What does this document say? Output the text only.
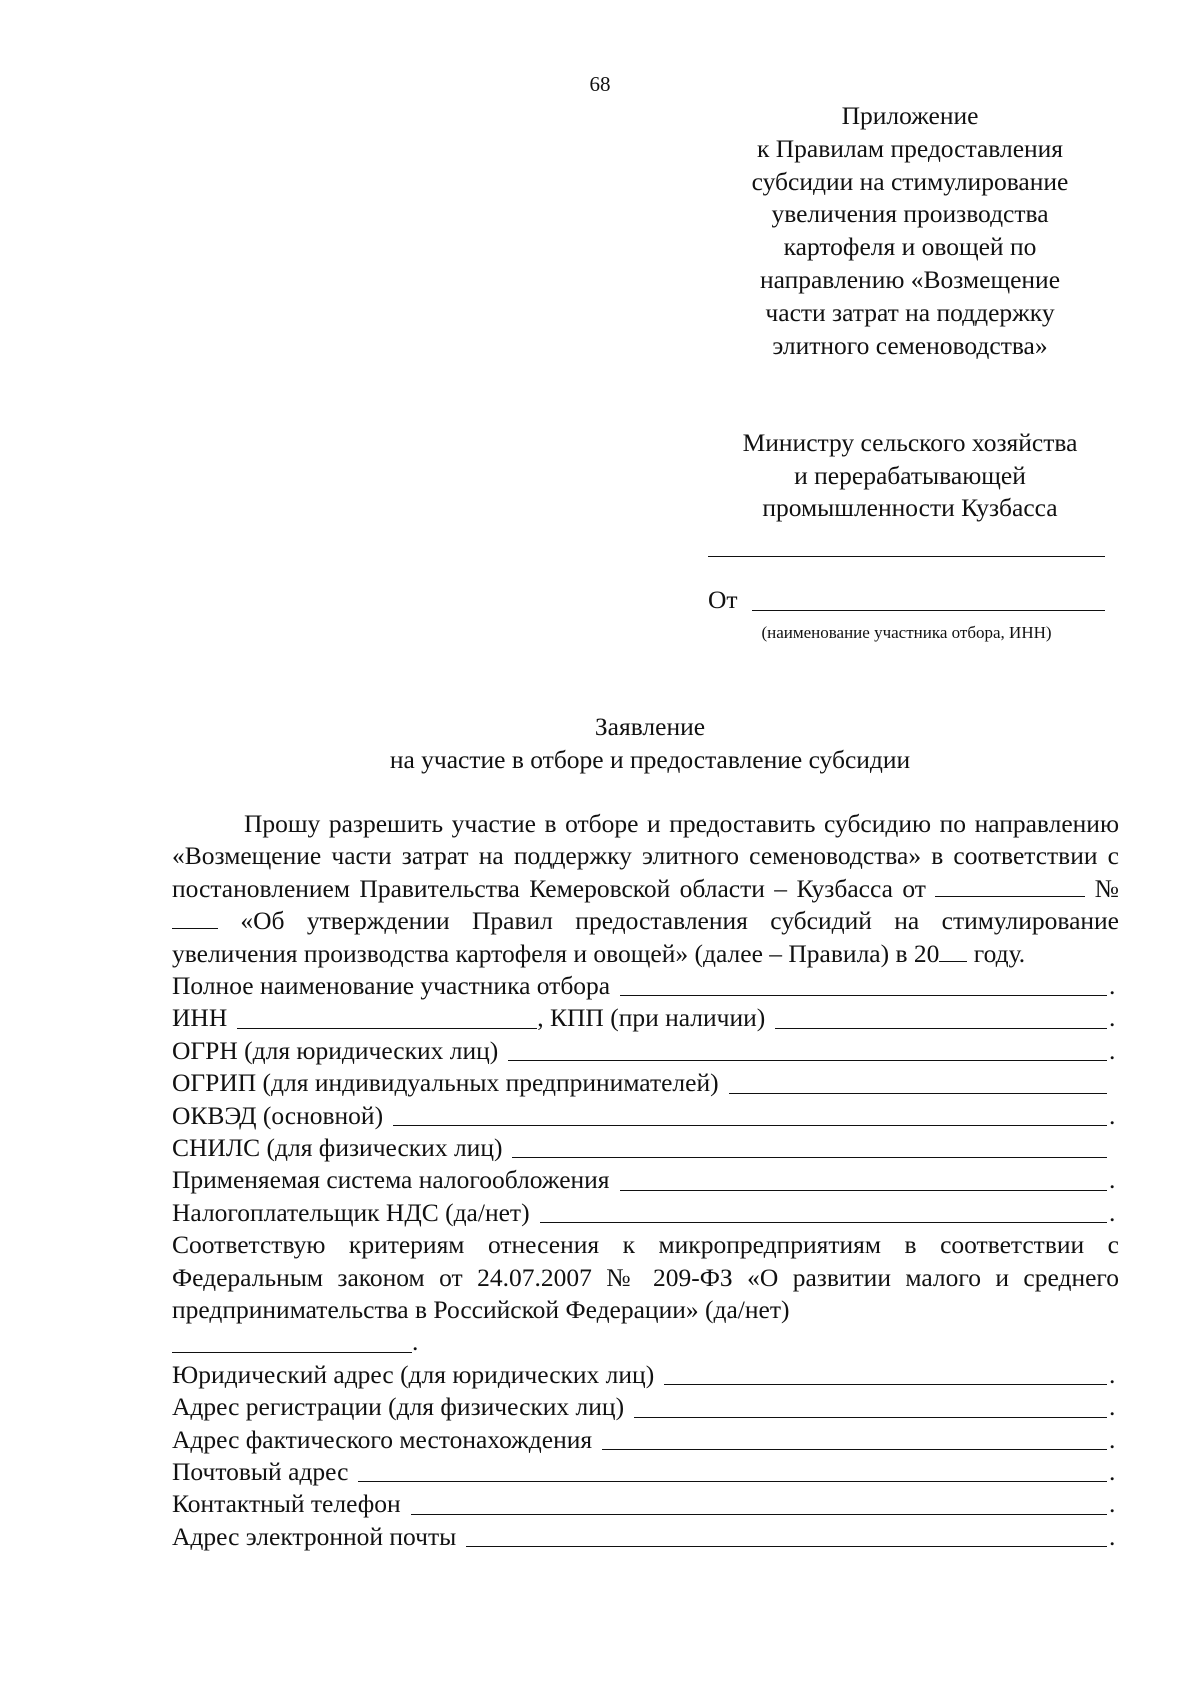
68
Приложение
к Правилам предоставления
субсидии на стимулирование
увеличения производства
картофеля и овощей по
направлению «Возмещение
части затрат на поддержку
элитного семеноводства»
Министру сельского хозяйства
и перерабатывающей
промышленности Кузбасса
От
(наименование участника отбора, ИНН)
Заявление
на участие в отборе и предоставление субсидии

Прошу разрешить участие в отборе и предоставить субсидию по направлению «Возмещение части затрат на поддержку элитного семеноводства» в соответствии с постановлением Правительства Кемеровской области – Кузбасса от	№  «Об утверждении Правил предоставления субсидий на стимулирование увеличения производства картофеля и овощей» (далее – Правила) в 20 году.

Полное наименование участника отбора	.
ИНН	, КПП (при наличии)	.
ОГРН (для юридических лиц)	.
ОГРИП (для индивидуальных предпринимателей)
ОКВЭД (основной)	.
СНИЛС (для физических лиц)
Применяемая система налогообложения	.
Налогоплательщик НДС (да/нет)	.

Соответствую критериям отнесения к микропредприятиям в соответствии с Федеральным законом от 24.07.2007 № 209-ФЗ «О развитии малого и среднего предпринимательства в Российской Федерации» (да/нет)

.
Юридический адрес (для юридических лиц)	.
Адрес регистрации (для физических лиц)	.
Адрес фактического местонахождения	.
Почтовый адрес	.
Контактный телефон	.
Адрес электронной почты	.
